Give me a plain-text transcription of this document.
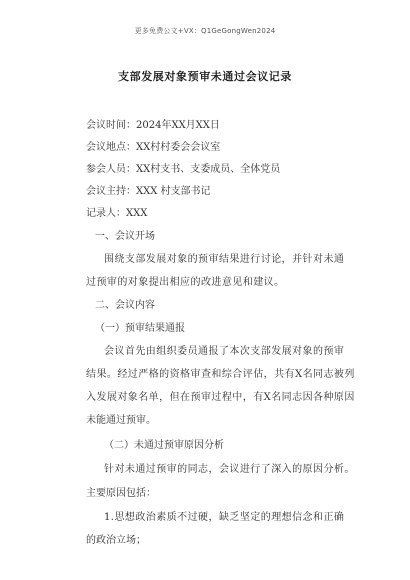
更多免费公文+VX：Q1GeGongWen2024
支部发展对象预审未通过会议记录
会议时间：2024年XX月XX日
会议地点：XX村村委会会议室
参会人员：XX村支书、支委成员、全体党员
会议主持：XXX 村支部书记
记录人：XXX
一、会议开场
围绕支部发展对象的预审结果进行讨论，并针对未通
过预审的对象提出相应的改进意见和建议。
二、会议内容
（一）预审结果通报
会议首先由组织委员通报了本次支部发展对象的预审
结果。经过严格的资格审查和综合评估，共有X名同志被列
入发展对象名单，但在预审过程中，有X名同志因各种原因
未能通过预审。
（二）未通过预审原因分析
针对未通过预审的同志，会议进行了深入的原因分析。
主要原因包括：
1.思想政治素质不过硬，缺乏坚定的理想信念和正确
的政治立场；
